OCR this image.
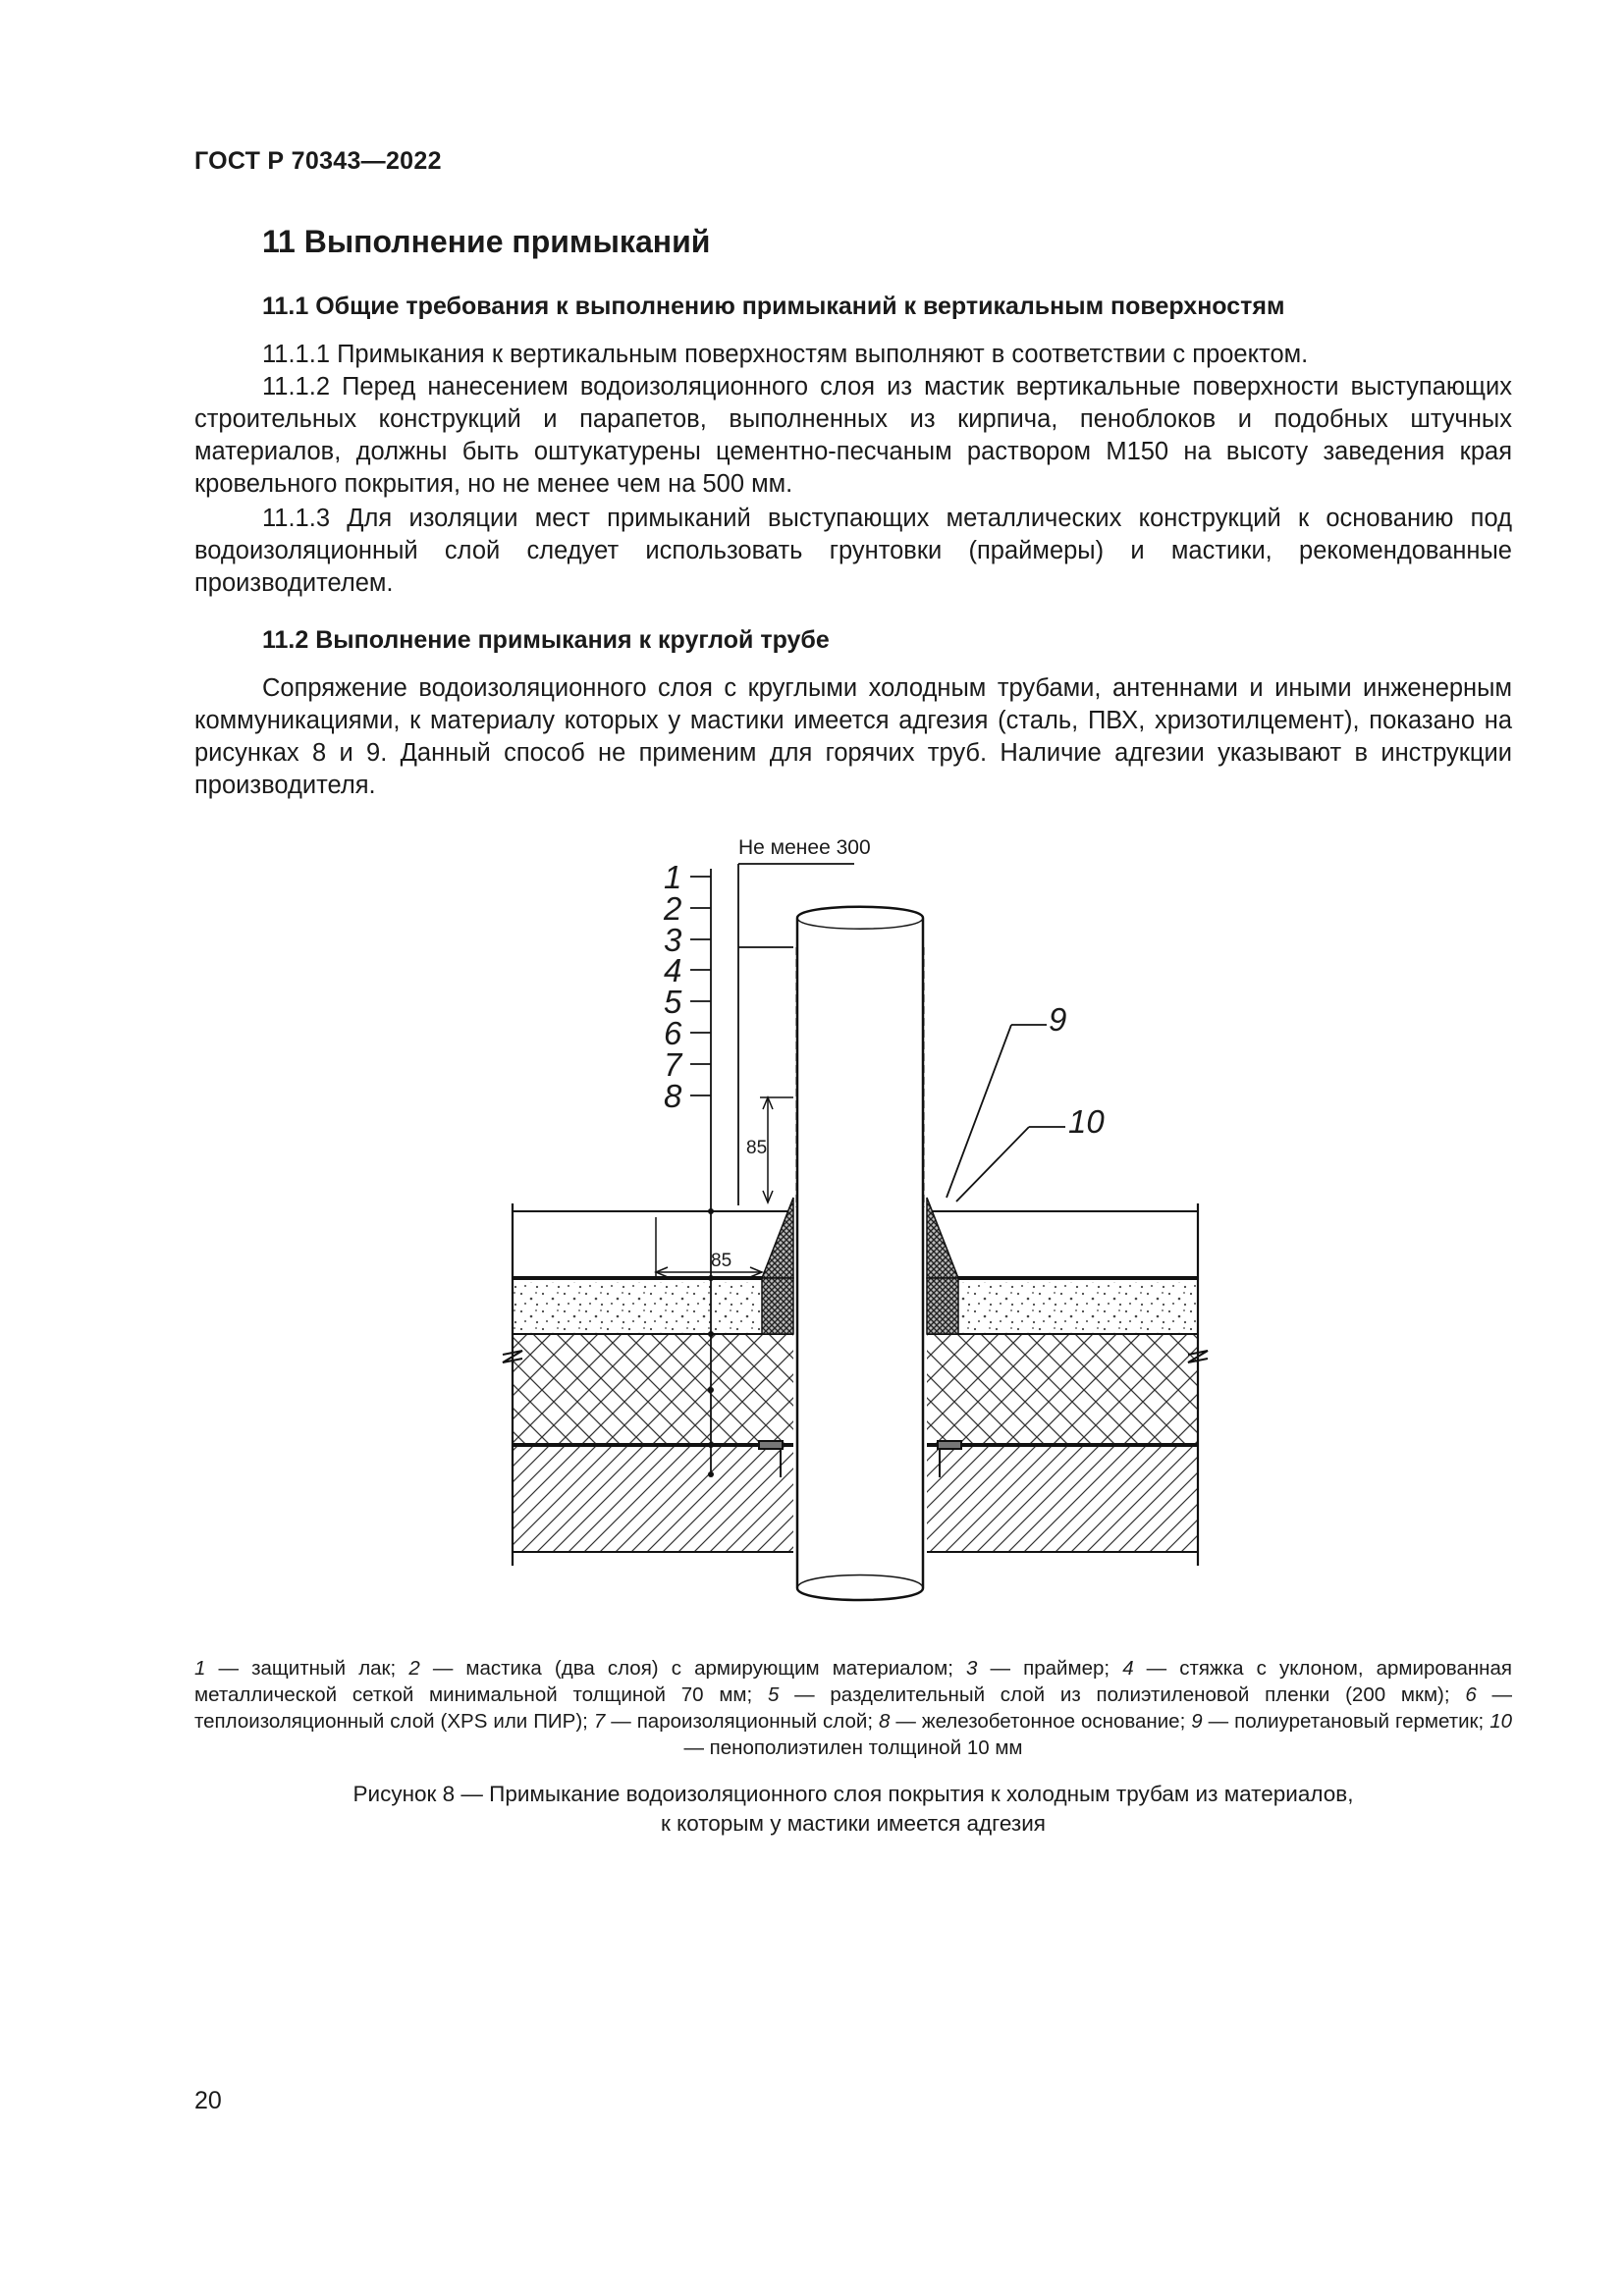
ГОСТ Р 70343—2022
11 Выполнение примыканий
11.1 Общие требования к выполнению примыканий к вертикальным поверхностям

11.1.1 Примыкания к вертикальным поверхностям выполняют в соответствии с проектом.

11.1.2 Перед нанесением водоизоляционного слоя из мастик вертикальные поверхности выступающих строительных конструкций и парапетов, выполненных из кирпича, пеноблоков и подобных штучных материалов, должны быть оштукатурены цементно-песчаным раствором М150 на высоту заведения края кровельного покрытия, но не менее чем на 500 мм.

11.1.3 Для изоляции мест примыканий выступающих металлических конструкций к основанию под водоизоляционный слой следует использовать грунтовки (праймеры) и мастики, рекомендованные производителем.

11.2 Выполнение примыкания к круглой трубе

Сопряжение водоизоляционного слоя с круглыми холодным трубами, антеннами и иными инженерным коммуникациями, к материалу которых у мастики имеется адгезия (сталь, ПВХ, хризотилцемент), показано на рисунках 8 и 9. Данный способ не применим для горячих труб. Наличие адгезии указывают в инструкции производителя.

Не менее 300
85
85
1
2
3
4
5
6
7
8
9
10

1 — защитный лак; 2 — мастика (два слоя) с армирующим материалом; 3 — праймер; 4 — стяжка с уклоном, армированная металлической сеткой минимальной толщиной 70 мм; 5 — разделительный слой из полиэтиленовой пленки (200 мкм); 6 — теплоизоляционный слой (XPS или ПИР); 7 — пароизоляционный слой; 8 — железобетонное основание; 9 — полиуретановый герметик; 10 — пенополиэтилен толщиной 10 мм

Рисунок 8 — Примыкание водоизоляционного слоя покрытия к холодным трубам из материалов,
к которым у мастики имеется адгезия
20
